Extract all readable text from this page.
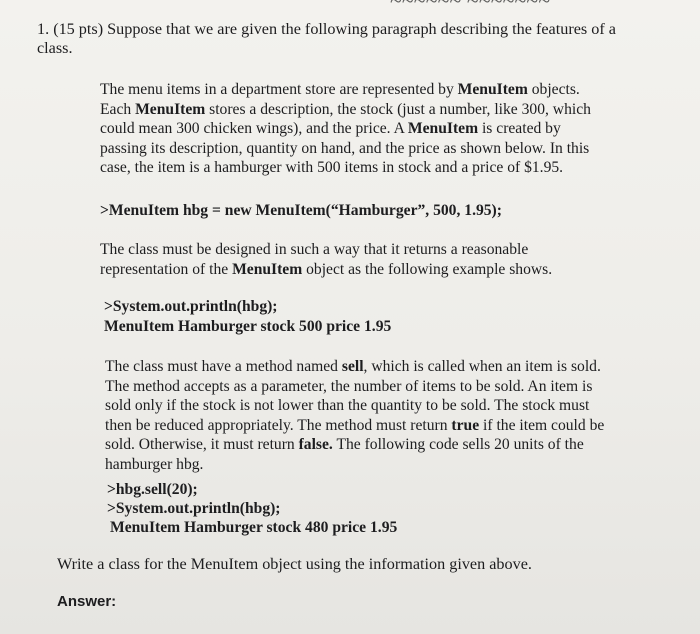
~~~~~~ ~~~~~~~
1. (15 pts) Suppose that we are given the following paragraph describing the features of a
class.
The menu items in a department store are represented by MenuItem objects.
Each MenuItem stores a description, the stock (just a number, like 300, which
could mean 300 chicken wings), and the price. A MenuItem is created by
passing its description, quantity on hand, and the price as shown below. In this
case, the item is a hamburger with 500 items in stock and a price of $1.95.
>MenuItem hbg = new MenuItem(“Hamburger”, 500, 1.95);
The class must be designed in such a way that it returns a reasonable
representation of the MenuItem object as the following example shows.
>System.out.println(hbg);
MenuItem Hamburger stock 500 price 1.95
The class must have a method named sell, which is called when an item is sold.
The method accepts as a parameter, the number of items to be sold. An item is
sold only if the stock is not lower than the quantity to be sold. The stock must
then be reduced appropriately. The method must return true if the item could be
sold. Otherwise, it must return false. The following code sells 20 units of the
hamburger hbg.
>hbg.sell(20);
>System.out.println(hbg);
MenuItem Hamburger stock 480 price 1.95
Write a class for the MenuItem object using the information given above.
Answer:
